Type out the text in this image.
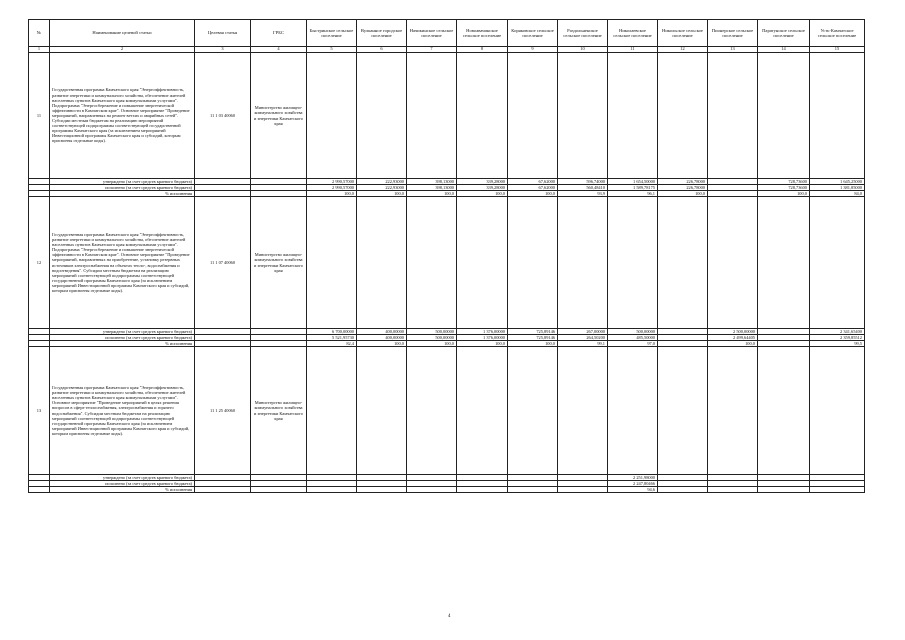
№	Наименование целевой статьи	Целевая статья	ГРБС	Быстринское сельское поселение	Вулканное городское поселение	Начикинское сельское поселение	Новоавачинское сельское поселение	Коряковское сельское поселение	Раздольненское сельское поселение	Николаевское сельское поселение	Никольское сельское поселение	Пионерское сельское поселение	Паратунское сельское поселение	Усть-Камчатское сельское поселение
1	2	3	4	5	6	7	8	9	10	11	12	13	14	15
11	Государственная программа Камчатского края "Энергоэффективность, развитие энергетики и коммунального хозяйства, обеспечение жителей населенных пунктов Камчатского края коммунальными услугами". Подпрограмма "Энергосбережение и повышение энергетической эффективности в Камчатском крае". Основное мероприятие "Проведение мероприятий, направленных на ремонт ветхих и аварийных сетей". Субсидии местным бюджетам на реализацию мероприятий соответствующей подпрограммы соответствующей государственной программы Камчатского края (за исключением мероприятий Инвестиционной программы Камчатского края и субсидий, которым присвоены отдельные коды).	11 1 03 40060	Министерство жилищно-коммунального хозяйства и энергетики Камчатского края											
	утверждено (за счет средств краевого бюджета)			2 990,57000	222,93000	398,13000	339,28000	67,62000	596,74000	1 654,50000	226,78000		728,73600	1 645,25000
	исполнено (за счет средств краевого бюджета)			2 990,57000	222,93000	398,13000	339,28000	67,62000	560,48410	1 589,78175	226,78000		728,73600	1 381,85000
	% исполнения			100,0	100,0	100,0	100,0	100,0	93,9	96,1	100,0		100,0	84,0
12	Государственная программа Камчатского края "Энергоэффективность, развитие энергетики и коммунального хозяйства, обеспечение жителей населенных пунктов Камчатского края коммунальными услугами". Подпрограмма "Энергосбережение и повышение энергетической эффективности в Камчатском крае". Основное мероприятие "Проведение мероприятий, направленных на приобретение, установку резервных источников электроснабжения на объектах тепло-, водоснабжения и водоотведения". Субсидии местным бюджетам на реализацию мероприятий соответствующей подпрограммы соответствующей государственной программы Камчатского края (за исключением мероприятий Инвестиционной программы Камчатского края и субсидий, которым присвоены отдельные коды).	11 1 07 40060	Министерство жилищно-коммунального хозяйства и энергетики Камчатского края											
	утверждено (за счет средств краевого бюджета)			6 700,00000	400,00000	500,00000	1 376,00000	725,89146	267,00000	500,00000		2 500,00000		2 341,65400
	исполнено (за счет средств краевого бюджета)			5 521,95730	400,00000	500,00000	1 376,00000	725,89146	264,50200	485,50000		2 499,64405		2 359,85512
	% исполнения			82,4	100,0	100,0	100,0	100,0	99,1	97,0		100,0		99,5
13	Государственная программа Камчатского края "Энергоэффективность, развитие энергетики и коммунального хозяйства, обеспечение жителей населенных пунктов Камчатского края коммунальными услугами". Основное мероприятие "Проведение мероприятий в целях решения вопросов в сфере теплоснабжения, электроснабжения и горячего водоснабжения". Субсидии местным бюджетам на реализацию мероприятий соответствующей подпрограммы соответствующей государственной программы Камчатского края (за исключением мероприятий Инвестиционной программы Камчатского края и субсидий, которым присвоены отдельные коды).	11 1 25 40060	Министерство жилищно-коммунального хозяйства и энергетики Камчатского края											
	утверждено (за счет средств краевого бюджета)									2 251,98000				
	исполнено (за счет средств краевого бюджета)									2 247,80466				
	% исполнения									94,6				
4
